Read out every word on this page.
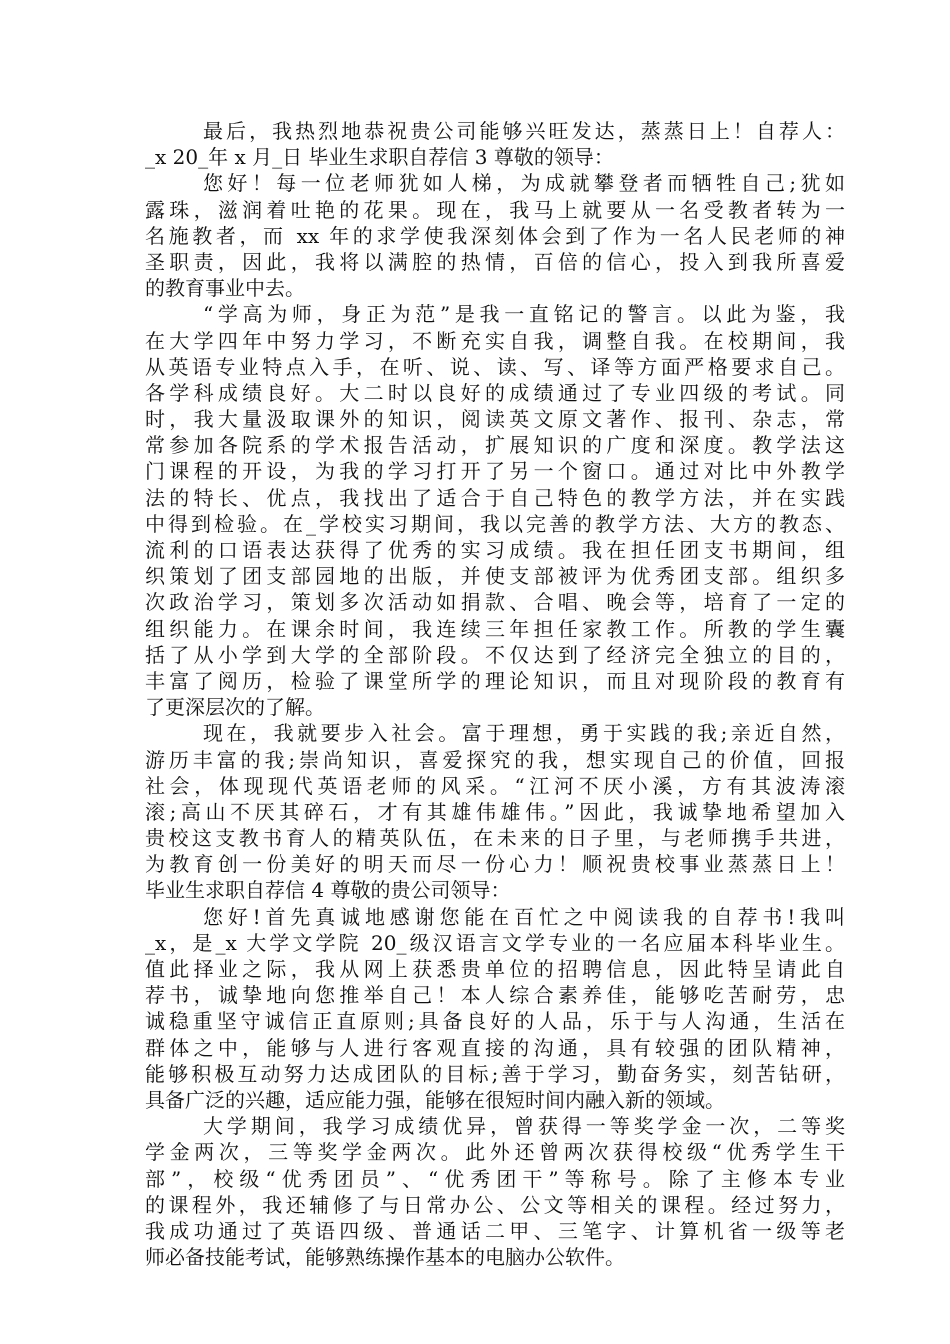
最后，我热烈地恭祝贵公司能够兴旺发达，蒸蒸日上！自荐人：
_x 20_年 x 月_日 毕业生求职自荐信 3 尊敬的领导：
您好！每一位老师犹如人梯，为成就攀登者而牺牲自己;犹如
露珠，滋润着吐艳的花果。现在，我马上就要从一名受教者转为一
名施教者，而 xx 年的求学使我深刻体会到了作为一名人民老师的神
圣职责，因此，我将以满腔的热情，百倍的信心，投入到我所喜爱
的教育事业中去。
“学高为师，身正为范”是我一直铭记的警言。以此为鉴，我
在大学四年中努力学习，不断充实自我，调整自我。在校期间，我
从英语专业特点入手，在听、说、读、写、译等方面严格要求自己。
各学科成绩良好。大二时以良好的成绩通过了专业四级的考试。同
时，我大量汲取课外的知识，阅读英文原文著作、报刊、杂志，常
常参加各院系的学术报告活动，扩展知识的广度和深度。教学法这
门课程的开设，为我的学习打开了另一个窗口。通过对比中外教学
法的特长、优点，我找出了适合于自己特色的教学方法，并在实践
中得到检验。在_学校实习期间，我以完善的教学方法、大方的教态、
流利的口语表达获得了优秀的实习成绩。我在担任团支书期间，组
织策划了团支部园地的出版，并使支部被评为优秀团支部。组织多
次政治学习，策划多次活动如捐款、合唱、晚会等，培育了一定的
组织能力。在课余时间，我连续三年担任家教工作。所教的学生囊
括了从小学到大学的全部阶段。不仅达到了经济完全独立的目的，
丰富了阅历，检验了课堂所学的理论知识，而且对现阶段的教育有
了更深层次的了解。
现在，我就要步入社会。富于理想，勇于实践的我;亲近自然，
游历丰富的我;崇尚知识，喜爱探究的我，想实现自己的价值，回报
社会，体现现代英语老师的风采。“江河不厌小溪，方有其波涛滚
滚;高山不厌其碎石，才有其雄伟雄伟。”因此，我诚挚地希望加入
贵校这支教书育人的精英队伍，在未来的日子里，与老师携手共进，
为教育创一份美好的明天而尽一份心力！顺祝贵校事业蒸蒸日上！
毕业生求职自荐信 4 尊敬的贵公司领导：
您好!首先真诚地感谢您能在百忙之中阅读我的自荐书!我叫
_x，是_x 大学文学院 20_级汉语言文学专业的一名应届本科毕业生。
值此择业之际，我从网上获悉贵单位的招聘信息，因此特呈请此自
荐书，诚挚地向您推举自己！本人综合素养佳，能够吃苦耐劳，忠
诚稳重坚守诚信正直原则;具备良好的人品，乐于与人沟通，生活在
群体之中，能够与人进行客观直接的沟通，具有较强的团队精神，
能够积极互动努力达成团队的目标;善于学习，勤奋务实，刻苦钻研，
具备广泛的兴趣，适应能力强，能够在很短时间内融入新的领域。
大学期间，我学习成绩优异，曾获得一等奖学金一次，二等奖
学金两次，三等奖学金两次。此外还曾两次获得校级“优秀学生干
部”，校级“优秀团员”、“优秀团干”等称号。除了主修本专业
的课程外，我还辅修了与日常办公、公文等相关的课程。经过努力，
我成功通过了英语四级、普通话二甲、三笔字、计算机省一级等老
师必备技能考试，能够熟练操作基本的电脑办公软件。
